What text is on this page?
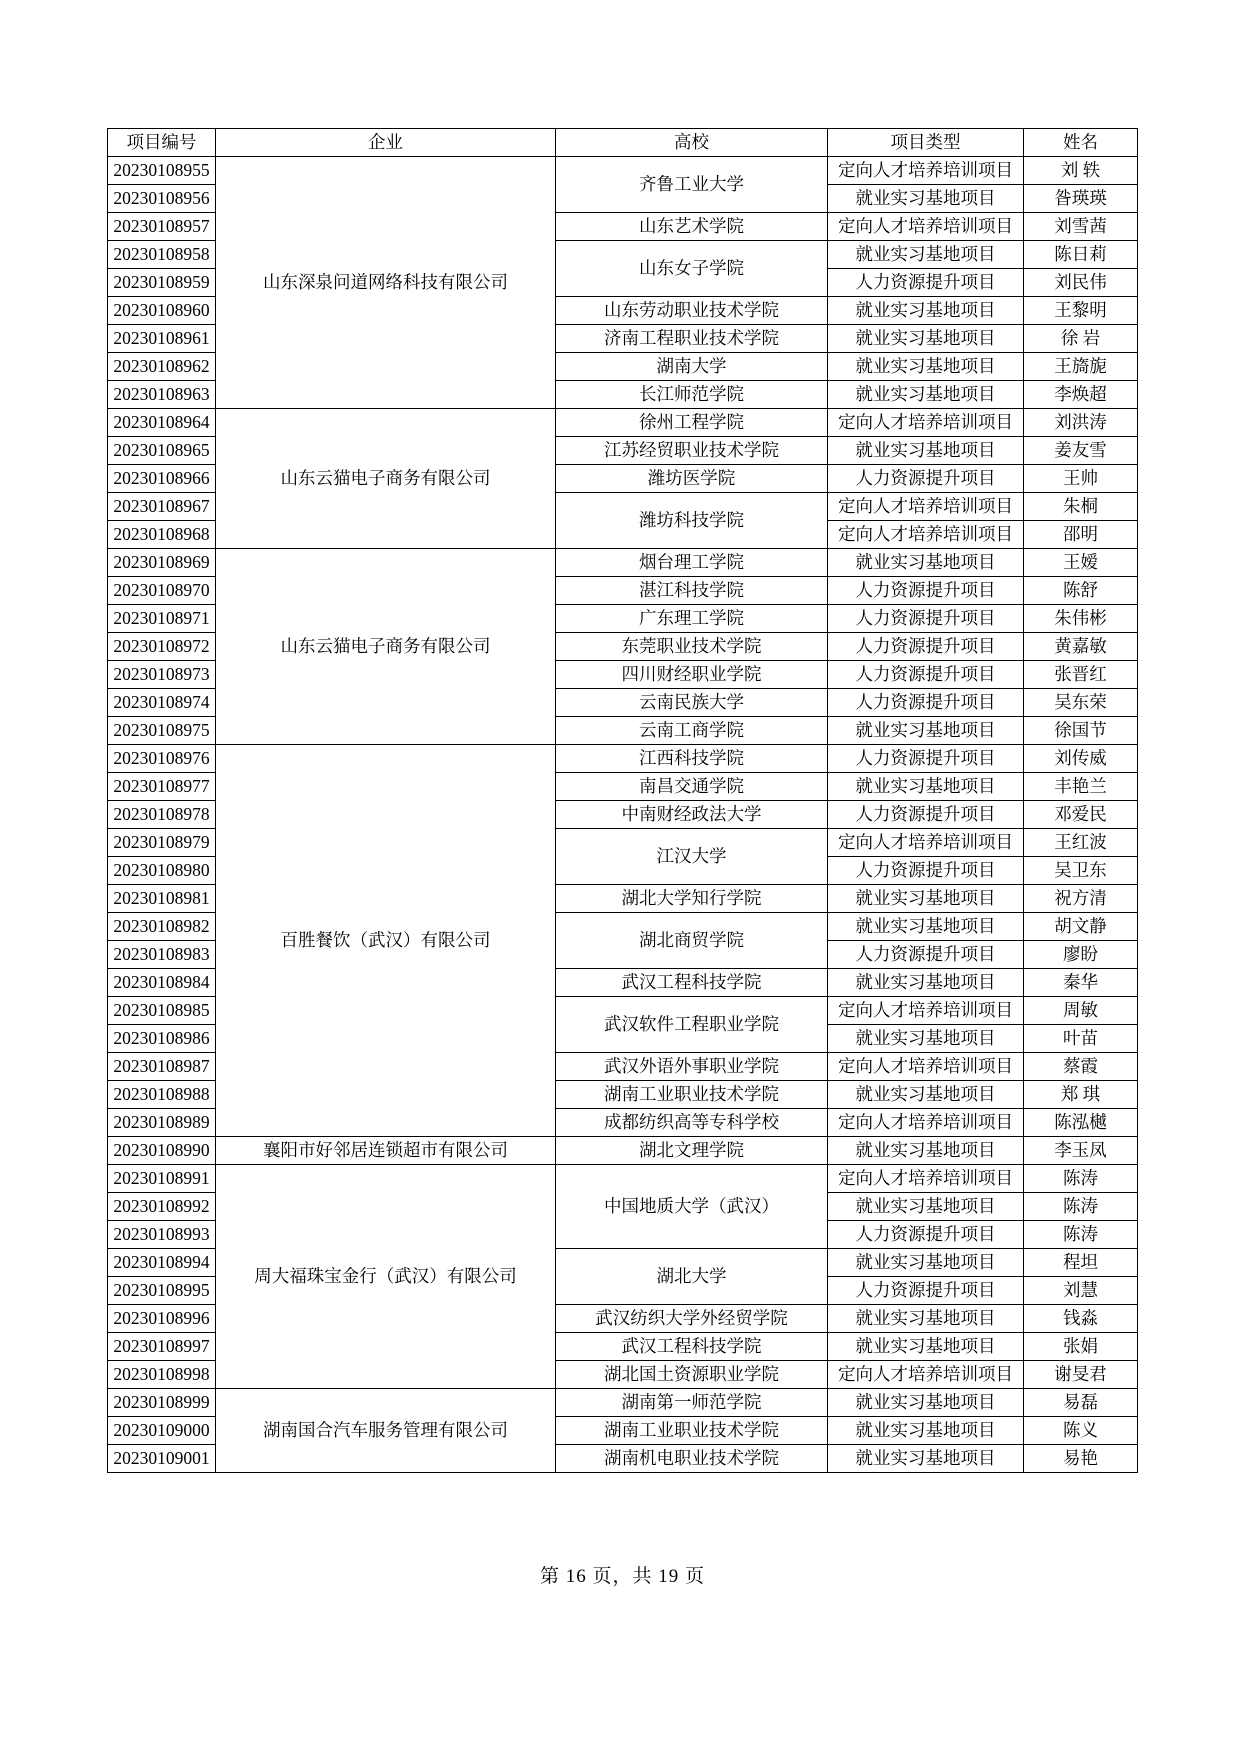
项目编号	企业	高校	项目类型	姓名
20230108955	山东深泉问道网络科技有限公司	齐鲁工业大学	定向人才培养培训项目	刘 轶
20230108956			就业实习基地项目	昝瑛瑛
20230108957		山东艺术学院	定向人才培养培训项目	刘雪茜
20230108958		山东女子学院	就业实习基地项目	陈日莉
20230108959			人力资源提升项目	刘民伟
20230108960		山东劳动职业技术学院	就业实习基地项目	王黎明
20230108961		济南工程职业技术学院	就业实习基地项目	徐 岩
20230108962		湖南大学	就业实习基地项目	王旖旎
20230108963		长江师范学院	就业实习基地项目	李焕超
20230108964	山东云猫电子商务有限公司	徐州工程学院	定向人才培养培训项目	刘洪涛
20230108965		江苏经贸职业技术学院	就业实习基地项目	姜友雪
20230108966		潍坊医学院	人力资源提升项目	王帅
20230108967		潍坊科技学院	定向人才培养培训项目	朱桐
20230108968			定向人才培养培训项目	邵明
20230108969	山东云猫电子商务有限公司	烟台理工学院	就业实习基地项目	王嫒
20230108970		湛江科技学院	人力资源提升项目	陈舒
20230108971		广东理工学院	人力资源提升项目	朱伟彬
20230108972		东莞职业技术学院	人力资源提升项目	黄嘉敏
20230108973		四川财经职业学院	人力资源提升项目	张晋红
20230108974		云南民族大学	人力资源提升项目	吴东荣
20230108975		云南工商学院	就业实习基地项目	徐国节
20230108976	百胜餐饮（武汉）有限公司	江西科技学院	人力资源提升项目	刘传威
20230108977		南昌交通学院	就业实习基地项目	丰艳兰
20230108978		中南财经政法大学	人力资源提升项目	邓爱民
20230108979		江汉大学	定向人才培养培训项目	王红波
20230108980			人力资源提升项目	吴卫东
20230108981		湖北大学知行学院	就业实习基地项目	祝方清
20230108982		湖北商贸学院	就业实习基地项目	胡文静
20230108983			人力资源提升项目	廖盼
20230108984		武汉工程科技学院	就业实习基地项目	秦华
20230108985		武汉软件工程职业学院	定向人才培养培训项目	周敏
20230108986			就业实习基地项目	叶苗
20230108987		武汉外语外事职业学院	定向人才培养培训项目	蔡霞
20230108988		湖南工业职业技术学院	就业实习基地项目	郑 琪
20230108989		成都纺织高等专科学校	定向人才培养培训项目	陈泓樾
20230108990	襄阳市好邻居连锁超市有限公司	湖北文理学院	就业实习基地项目	李玉凤
20230108991	周大福珠宝金行（武汉）有限公司	中国地质大学（武汉）	定向人才培养培训项目	陈涛
20230108992			就业实习基地项目	陈涛
20230108993			人力资源提升项目	陈涛
20230108994		湖北大学	就业实习基地项目	程坦
20230108995			人力资源提升项目	刘慧
20230108996		武汉纺织大学外经贸学院	就业实习基地项目	钱淼
20230108997		武汉工程科技学院	就业实习基地项目	张娟
20230108998		湖北国土资源职业学院	定向人才培养培训项目	谢旻君
20230108999	湖南国合汽车服务管理有限公司	湖南第一师范学院	就业实习基地项目	易磊
20230109000		湖南工业职业技术学院	就业实习基地项目	陈义
20230109001		湖南机电职业技术学院	就业实习基地项目	易艳
第 16 页，共 19 页
